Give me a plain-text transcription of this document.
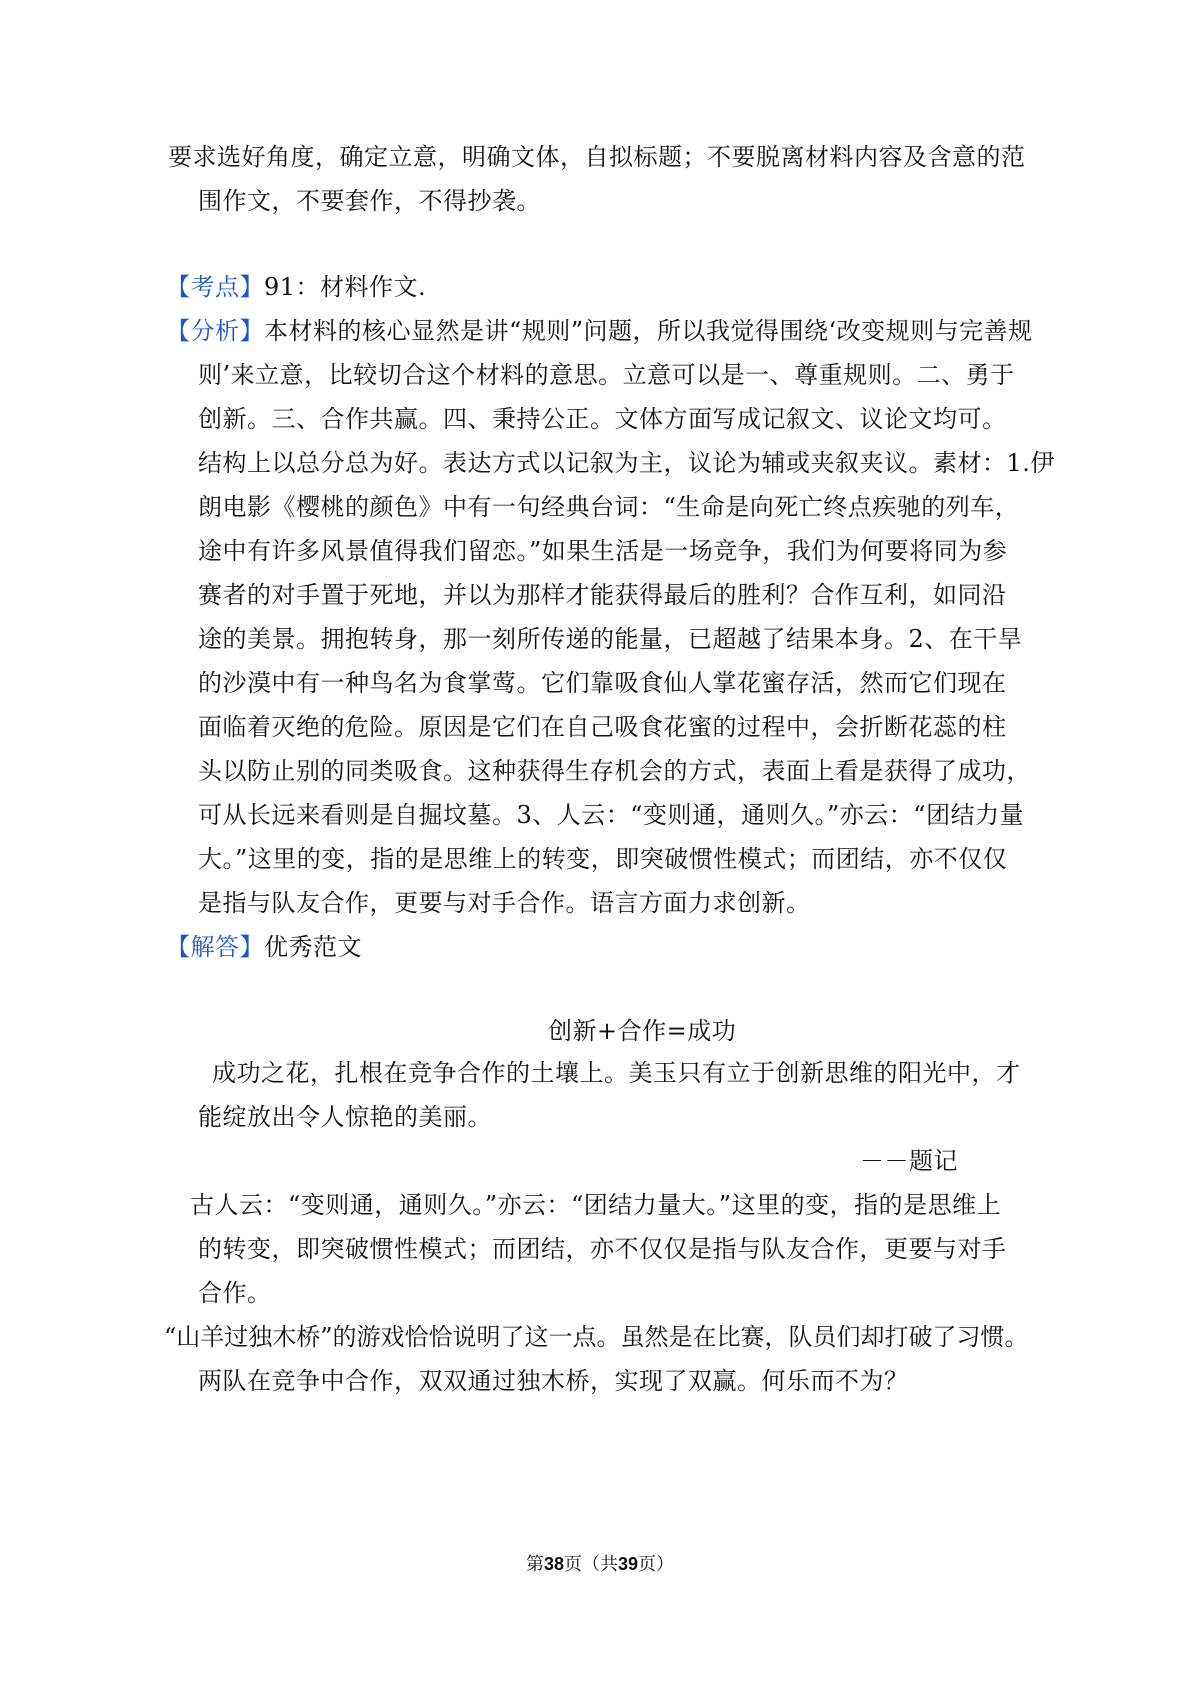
要求选好角度，确定立意，明确文体，自拟标题；不要脱离材料内容及含意的范
围作文，不要套作，不得抄袭。
【考点】91：材料作文.
【分析】本材料的核心显然是讲“规则”问题，所以我觉得围绕‘改变规则与完善规
则’来立意，比较切合这个材料的意思。立意可以是一、尊重规则。二、勇于
创新。三、合作共赢。四、秉持公正。文体方面写成记叙文、议论文均可。
结构上以总分总为好。表达方式以记叙为主，议论为辅或夹叙夹议。素材：1.伊
朗电影《樱桃的颜色》中有一句经典台词：“生命是向死亡终点疾驰的列车，
途中有许多风景值得我们留恋。”如果生活是一场竞争，我们为何要将同为参
赛者的对手置于死地，并以为那样才能获得最后的胜利？合作互利，如同沿
途的美景。拥抱转身，那一刻所传递的能量，已超越了结果本身。2、在干旱
的沙漠中有一种鸟名为食掌莺。它们靠吸食仙人掌花蜜存活，然而它们现在
面临着灭绝的危险。原因是它们在自己吸食花蜜的过程中，会折断花蕊的柱
头以防止别的同类吸食。这种获得生存机会的方式，表面上看是获得了成功，
可从长远来看则是自掘坟墓。3、人云：“变则通，通则久。”亦云：“团结力量
大。”这里的变，指的是思维上的转变，即突破惯性模式；而团结，亦不仅仅
是指与队友合作，更要与对手合作。语言方面力求创新。
【解答】优秀范文
创新+合作=成功
成功之花，扎根在竞争合作的土壤上。美玉只有立于创新思维的阳光中，才
能绽放出令人惊艳的美丽。
－－题记
古人云：“变则通，通则久。”亦云：“团结力量大。”这里的变，指的是思维上
的转变，即突破惯性模式；而团结，亦不仅仅是指与队友合作，更要与对手
合作。
“山羊过独木桥”的游戏恰恰说明了这一点。虽然是在比赛，队员们却打破了习惯。
两队在竞争中合作，双双通过独木桥，实现了双赢。何乐而不为？
第38页（共39页）
